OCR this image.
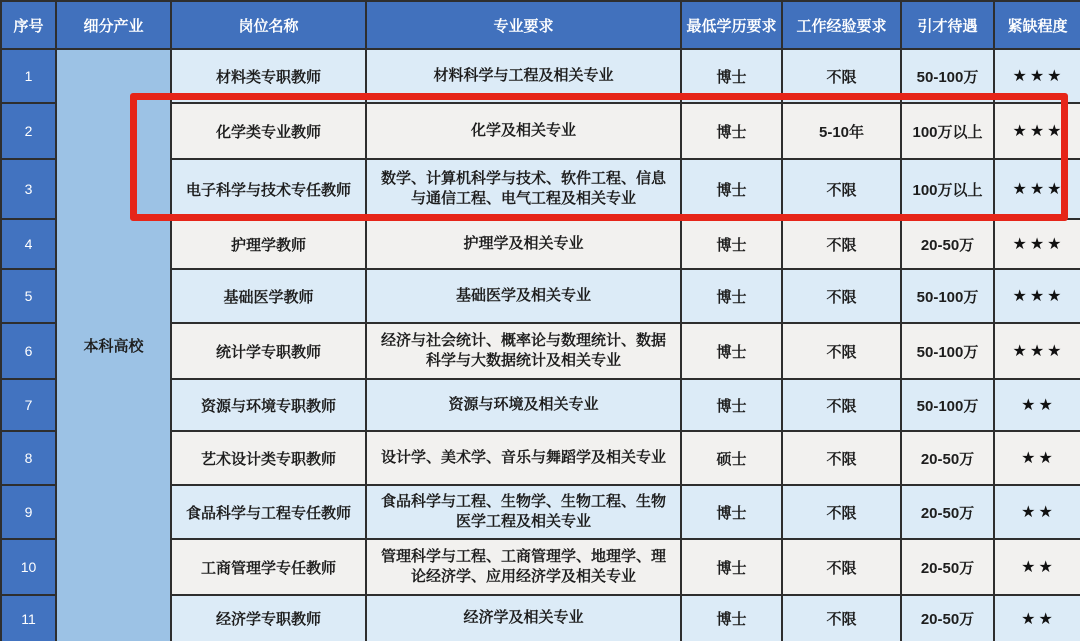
序号	细分产业	岗位名称	专业要求	最低学历要求	工作经验要求	引才待遇	紧缺程度
1	本科高校	材料类专职教师	材料科学与工程及相关专业	博士	不限	50-100万	★★★
2		化学类专业教师	化学及相关专业	博士	5-10年	100万以上	★★★
3		电子科学与技术专任教师	数学、计算机科学与技术、软件工程、信息与通信工程、电气工程及相关专业	博士	不限	100万以上	★★★
4		护理学教师	护理学及相关专业	博士	不限	20-50万	★★★
5		基础医学教师	基础医学及相关专业	博士	不限	50-100万	★★★
6		统计学专职教师	经济与社会统计、概率论与数理统计、数据科学与大数据统计及相关专业	博士	不限	50-100万	★★★
7		资源与环境专职教师	资源与环境及相关专业	博士	不限	50-100万	★★
8		艺术设计类专职教师	设计学、美术学、音乐与舞蹈学及相关专业	硕士	不限	20-50万	★★
9		食品科学与工程专任教师	食品科学与工程、生物学、生物工程、生物医学工程及相关专业	博士	不限	20-50万	★★
10		工商管理学专任教师	管理科学与工程、工商管理学、地理学、理论经济学、应用经济学及相关专业	博士	不限	20-50万	★★
11		经济学专职教师	经济学及相关专业	博士	不限	20-50万	★★
